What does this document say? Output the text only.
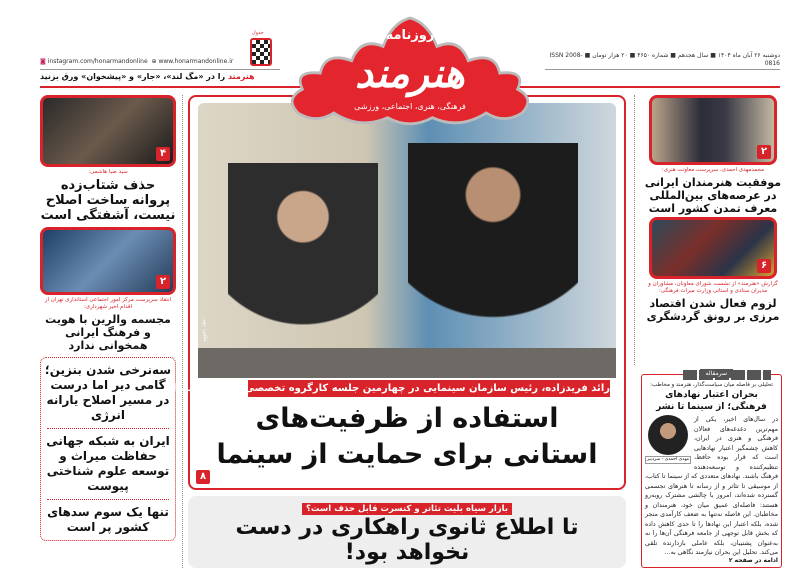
◙ instagram.com/honarmandonline ⊕ www.honarmandonline.ir
هنرمند را در «مگ لند»، «جار» و «پیشخوان» ورق بزنید
جدول
دوشنبه ۲۶ آبان ماه ۱۴۰۴ ■ سال هجدهم ■ شماره ۴۶۵۰ ■ ۲۰ هزار تومان ■ ISSN 2008-0816
روزنامه
هنرمند
فرهنگی، هنری، اجتماعی، ورزشی
۴
سید ضیا هاشمی:
حذف شتاب‌زده پروانه ساخت اصلاح نیست، آشفتگی است
۲
انتقاد سرپرست مرکز امور اجتماعی استانداری تهران از اقدام اخیر شهرداری:
مجسمه والرین با هویت و فرهنگ ایرانی همخوانی ندارد
سه‌نرخی شدن بنزین؛ گامی دیر اما درست در مسیر اصلاح یارانه انرژی
ایران به شبکه جهانی حفاظت میراث و توسعه علوم شناختی پیوست
تنها یک سوم سدهای کشور پر است
عکس: مهر
رائد فریدزاده، رئیس سازمان سینمایی در چهارمین جلسه کارگروه تخصصی شورای سینما:
استفاده از ظرفیت‌های استانی برای حمایت از سینما
۸
بازار سیاه بلیت تئاتر و کنسرت قابل حذف است؟
تا اطلاع ثانوی راهکاری در دست نخواهد بود!
۲
محمدمهدی احمدی، سرپرست معاونت هنری:
موفقیت هنرمندان ایرانی در عرصه‌های بین‌المللی معرف تمدن کشور است
۶
گزارش «هنرمند» از نشست شورای معاونان، مشاوران و مدیران ستادی و استانی وزارت میراث فرهنگی:
لزوم فعال شدن اقتصاد مرزی بر رونق گردشگری
سرمقاله
تحلیلی بر فاصله میان سیاست‌گذار، هنرمند و مخاطب:
بحران اعتبار نهادهای فرهنگی؛ از سینما تا نشر
مهدی احمدی - سردبیر
در سال‌های اخیر، یکی از مهم‌ترین دغدغه‌های فعالان فرهنگی و هنری در ایران، کاهش چشمگیر اعتبار نهادهایی است که قرار بوده حافظ، تنظیم‌کننده و توسعه‌دهنده فرهنگ باشند. نهادهای متعددی که از سینما تا کتاب، از موسیقی تا تئاتر و از رسانه تا هنرهای تجسمی گسترده شده‌اند، امروز با چالشی مشترک روبه‌رو هستند: فاصله‌ای عمیق میان خود، هنرمندان و مخاطبان. این فاصله نه‌تنها به ضعف کارآمدی منجر شده، بلکه اعتبار این نهادها را تا حدی کاهش داده که بخش قابل توجهی از جامعه فرهنگی آن‌ها را نه به‌عنوان پشتیبان، بلکه عاملی بازدارنده تلقی می‌کند. تحلیل این بحران نیازمند نگاهی به...
ادامه در صفحه ۲
